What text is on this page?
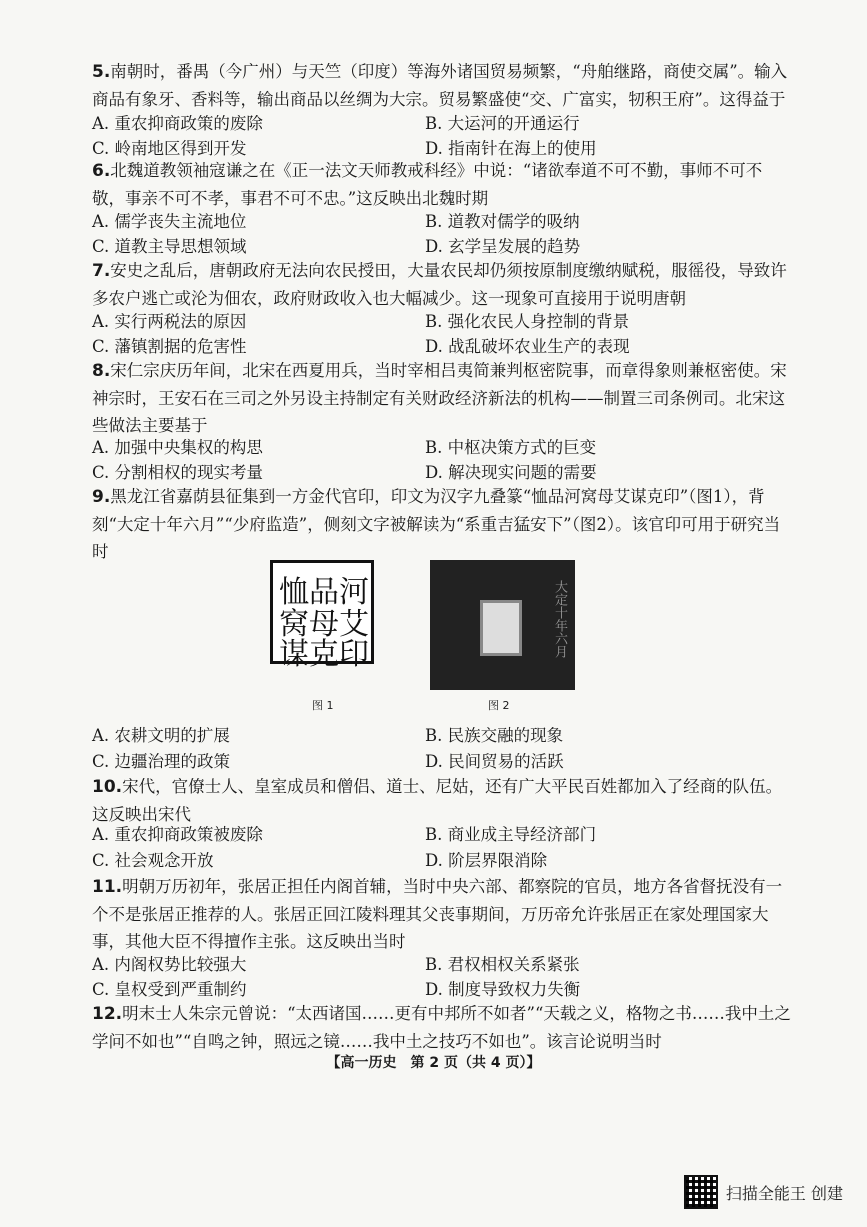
5.南朝时，番禺（今广州）与天竺（印度）等海外诸国贸易频繁，“舟舶继路，商使交属”。输入商品有象牙、香料等，输出商品以丝绸为大宗。贸易繁盛使“交、广富实，牣积王府”。这得益于
A. 重农抑商政策的废除	B. 大运河的开通运行
C. 岭南地区得到开发	D. 指南针在海上的使用
6.北魏道教领袖寇谦之在《正一法文天师教戒科经》中说：“诸欲奉道不可不勤，事师不可不敬，事亲不可不孝，事君不可不忠。”这反映出北魏时期
A. 儒学丧失主流地位	B. 道教对儒学的吸纳
C. 道教主导思想领域	D. 玄学呈发展的趋势
7.安史之乱后，唐朝政府无法向农民授田，大量农民却仍须按原制度缴纳赋税，服徭役，导致许多农户逃亡或沦为佃农，政府财政收入也大幅减少。这一现象可直接用于说明唐朝
A. 实行两税法的原因	B. 强化农民人身控制的背景
C. 藩镇割据的危害性	D. 战乱破坏农业生产的表现
8.宋仁宗庆历年间，北宋在西夏用兵，当时宰相吕夷简兼判枢密院事，而章得象则兼枢密使。宋神宗时，王安石在三司之外另设主持制定有关财政经济新法的机构——制置三司条例司。北宋这些做法主要基于
A. 加强中央集权的构思	B. 中枢决策方式的巨变
C. 分割相权的现实考量	D. 解决现实问题的需要
9.黑龙江省嘉荫县征集到一方金代官印，印文为汉字九叠篆“恤品河窝母艾谋克印”（图1），背刻“大定十年六月”“少府监造”，侧刻文字被解读为“系重吉猛安下”（图2）。该官印可用于研究当时
恤 品 河
窝 母 艾
谋 克 印	大定十年六月
图 1	图 2
A. 农耕文明的扩展	B. 民族交融的现象
C. 边疆治理的政策	D. 民间贸易的活跃
10.宋代，官僚士人、皇室成员和僧侣、道士、尼姑，还有广大平民百姓都加入了经商的队伍。这反映出宋代
A. 重农抑商政策被废除	B. 商业成主导经济部门
C. 社会观念开放	D. 阶层界限消除
11.明朝万历初年，张居正担任内阁首辅，当时中央六部、都察院的官员，地方各省督抚没有一个不是张居正推荐的人。张居正回江陵料理其父丧事期间，万历帝允许张居正在家处理国家大事，其他大臣不得擅作主张。这反映出当时
A. 内阁权势比较强大	B. 君权相权关系紧张
C. 皇权受到严重制约	D. 制度导致权力失衡
12.明末士人朱宗元曾说：“太西诸国……更有中邦所不如者”“天载之义，格物之书……我中土之学问不如也”“自鸣之钟，照远之镜……我中土之技巧不如也”。该言论说明当时
【高一历史　第 2 页（共 4 页）】
扫描全能王 创建
